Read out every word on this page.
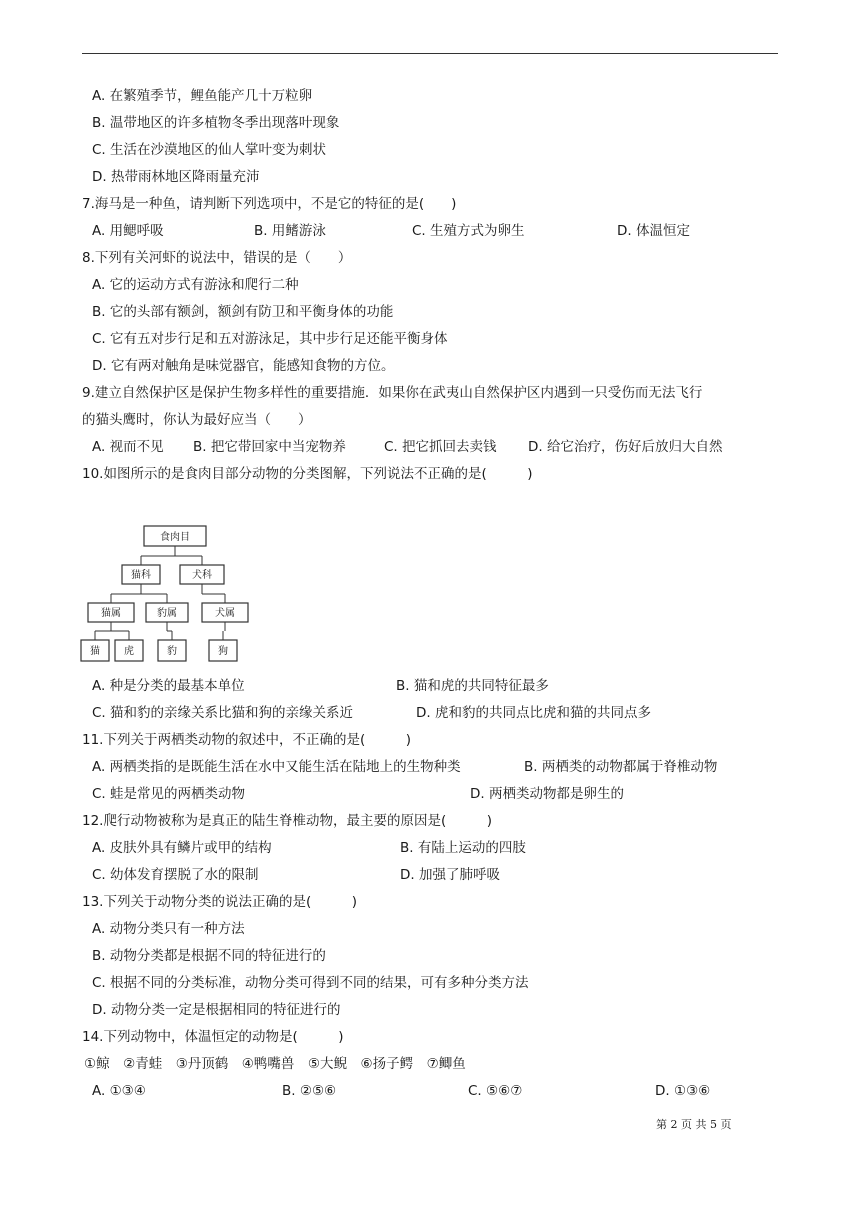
A. 在繁殖季节，鲤鱼能产几十万粒卵
B. 温带地区的许多植物冬季出现落叶现象
C. 生活在沙漠地区的仙人掌叶变为刺状
D. 热带雨林地区降雨量充沛
7.海马是一种鱼，请判断下列选项中，不是它的特征的是(　　)
A. 用鳃呼吸	B. 用鳍游泳	C. 生殖方式为卵生	D. 体温恒定
8.下列有关河虾的说法中，错误的是（　　）
A. 它的运动方式有游泳和爬行二种
B. 它的头部有额剑，额剑有防卫和平衡身体的功能
C. 它有五对步行足和五对游泳足，其中步行足还能平衡身体
D. 它有两对触角是味觉器官，能感知食物的方位。
9.建立自然保护区是保护生物多样性的重要措施．如果你在武夷山自然保护区内遇到一只受伤而无法飞行
的猫头鹰时，你认为最好应当（　　）
A. 视而不见 B. 把它带回家中当宠物养	C. 把它抓回去卖钱 D. 给它治疗，伤好后放归大自然
10.如图所示的是食肉目部分动物的分类图解，下列说法不正确的是(　　　)
食肉目
猫科	犬科
猫属	豹属	犬属
猫 虎	豹	狗
A. 种是分类的最基本单位	B. 猫和虎的共同特征最多
C. 猫和豹的亲缘关系比猫和狗的亲缘关系近	D. 虎和豹的共同点比虎和猫的共同点多
11.下列关于两栖类动物的叙述中，不正确的是(　　　)
A. 两栖类指的是既能生活在水中又能生活在陆地上的生物种类	B. 两栖类的动物都属于脊椎动物
C. 蛙是常见的两栖类动物	D. 两栖类动物都是卵生的
12.爬行动物被称为是真正的陆生脊椎动物，最主要的原因是(　　　)
A. 皮肤外具有鳞片或甲的结构	B. 有陆上运动的四肢
C. 幼体发育摆脱了水的限制	D. 加强了肺呼吸
13.下列关于动物分类的说法正确的是(　　　)
A. 动物分类只有一种方法
B. 动物分类都是根据不同的特征进行的
C. 根据不同的分类标准，动物分类可得到不同的结果，可有多种分类方法
D. 动物分类一定是根据相同的特征进行的
14.下列动物中，体温恒定的动物是(　　　)
①鲸　②青蛙　③丹顶鹤　④鸭嘴兽　⑤大鲵　⑥扬子鳄　⑦鲫鱼
A. ①③④	B. ②⑤⑥	C. ⑤⑥⑦	D. ①③⑥
第 2 页 共 5 页
